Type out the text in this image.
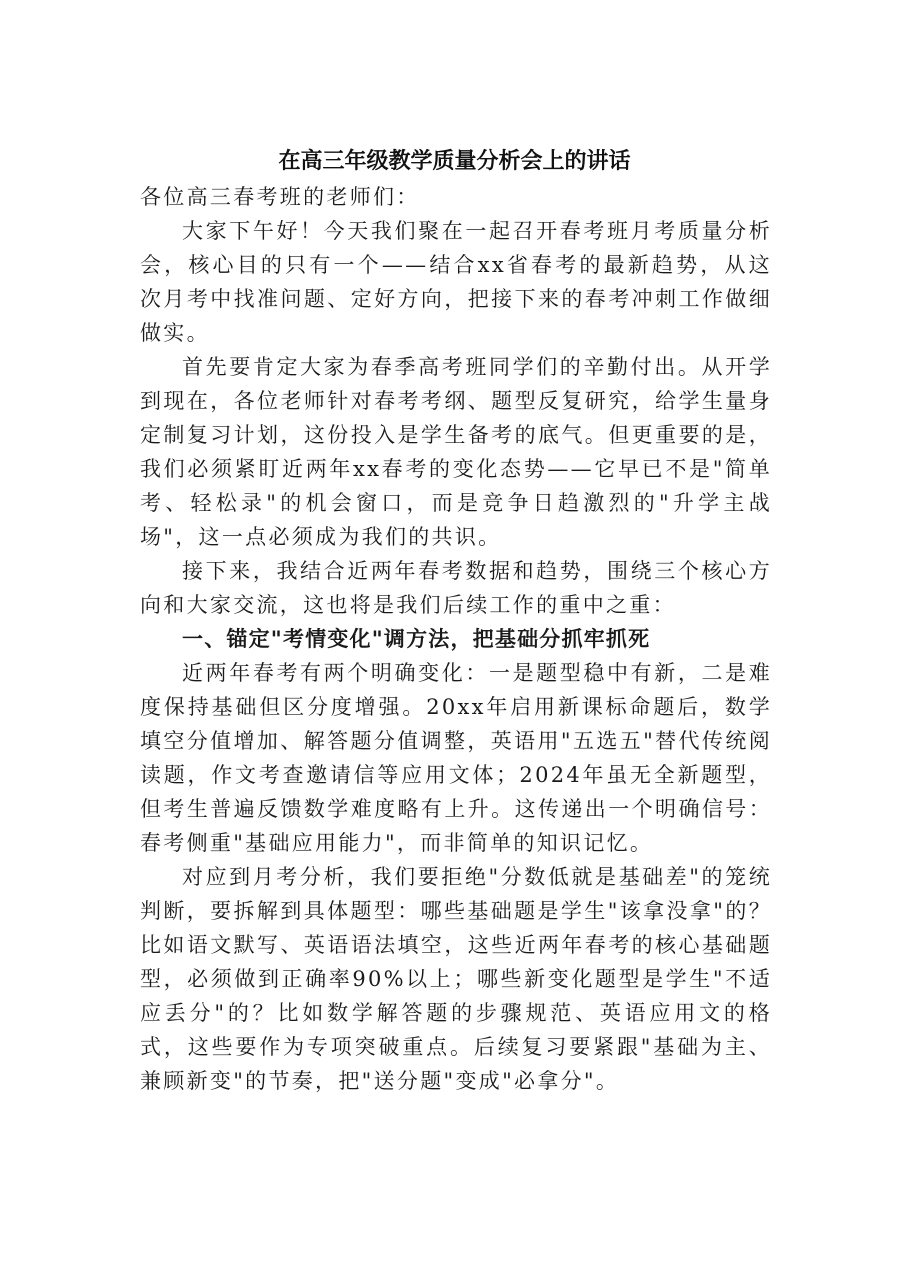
在高三年级教学质量分析会上的讲话

各位高三春考班的老师们：

大家下午好！今天我们聚在一起召开春考班月考质量分析会，核心目的只有一个——结合xx省春考的最新趋势，从这次月考中找准问题、定好方向，把接下来的春考冲刺工作做细做实。

首先要肯定大家为春季高考班同学们的辛勤付出。从开学到现在，各位老师针对春考考纲、题型反复研究，给学生量身定制复习计划，这份投入是学生备考的底气。但更重要的是，我们必须紧盯近两年xx春考的变化态势——它早已不是"简单考、轻松录"的机会窗口，而是竞争日趋激烈的"升学主战场"，这一点必须成为我们的共识。

接下来，我结合近两年春考数据和趋势，围绕三个核心方向和大家交流，这也将是我们后续工作的重中之重：

一、锚定"考情变化"调方法，把基础分抓牢抓死

近两年春考有两个明确变化：一是题型稳中有新，二是难度保持基础但区分度增强。20xx年启用新课标命题后，数学填空分值增加、解答题分值调整，英语用"五选五"替代传统阅读题，作文考查邀请信等应用文体；2024年虽无全新题型，但考生普遍反馈数学难度略有上升。这传递出一个明确信号：春考侧重"基础应用能力"，而非简单的知识记忆。

对应到月考分析，我们要拒绝"分数低就是基础差"的笼统判断，要拆解到具体题型：哪些基础题是学生"该拿没拿"的？比如语文默写、英语语法填空，这些近两年春考的核心基础题型，必须做到正确率90%以上；哪些新变化题型是学生"不适应丢分"的？比如数学解答题的步骤规范、英语应用文的格式，这些要作为专项突破重点。后续复习要紧跟"基础为主、兼顾新变"的节奏，把"送分题"变成"必拿分"。
